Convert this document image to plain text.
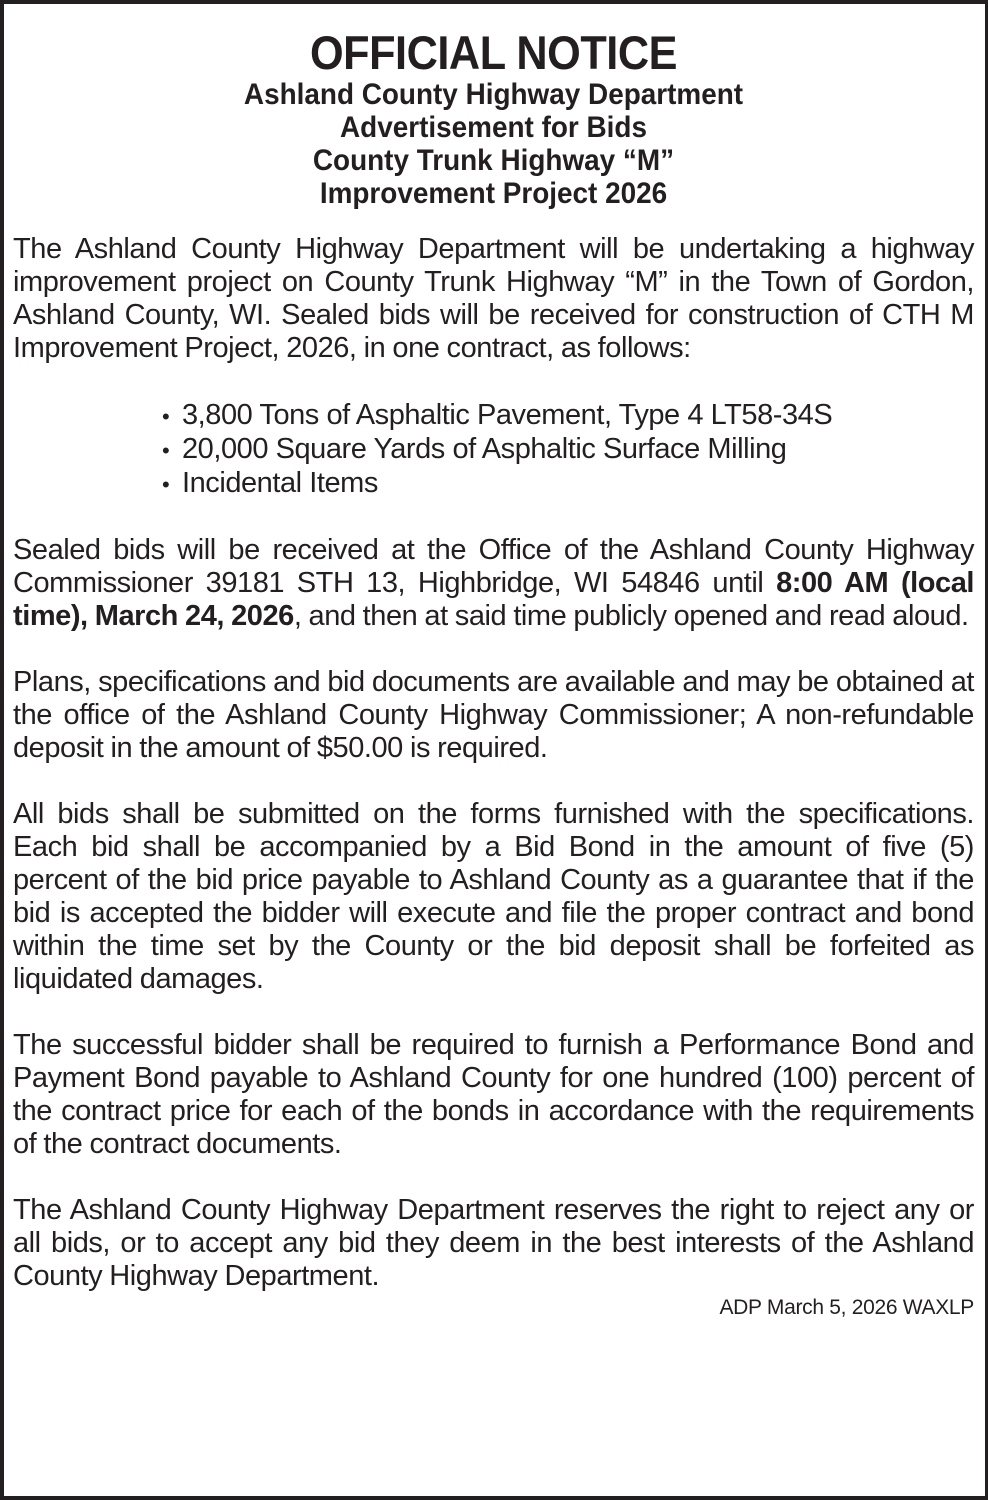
OFFICIAL NOTICE
Ashland County Highway Department
Advertisement for Bids
County Trunk Highway “M”
Improvement Project 2026

The Ashland County Highway Department will be undertaking a highway improvement project on County Trunk Highway “M” in the Town of Gordon, Ashland County, WI. Sealed bids will be received for construction of CTH M Improvement Project, 2026, in one contract, as follows:

• 3,800 Tons of Asphaltic Pavement, Type 4 LT58-34S
• 20,000 Square Yards of Asphaltic Surface Milling
• Incidental Items

Sealed bids will be received at the Office of the Ashland County Highway Commissioner 39181 STH 13, Highbridge, WI 54846 until 8:00 AM (local time), March 24, 2026, and then at said time publicly opened and read aloud.

Plans, specifications and bid documents are available and may be obtained at the office of the Ashland County Highway Commissioner; A non-refundable deposit in the amount of $50.00 is required.

All bids shall be submitted on the forms furnished with the specifications. Each bid shall be accompanied by a Bid Bond in the amount of five (5) percent of the bid price payable to Ashland County as a guarantee that if the bid is accepted the bidder will execute and file the proper contract and bond within the time set by the County or the bid deposit shall be forfeited as liquidated damages.

The successful bidder shall be required to furnish a Performance Bond and Payment Bond payable to Ashland County for one hundred (100) percent of the contract price for each of the bonds in accordance with the requirements of the contract documents.

The Ashland County Highway Department reserves the right to reject any or all bids, or to accept any bid they deem in the best interests of the Ashland County Highway Department.

ADP March 5, 2026 WAXLP
